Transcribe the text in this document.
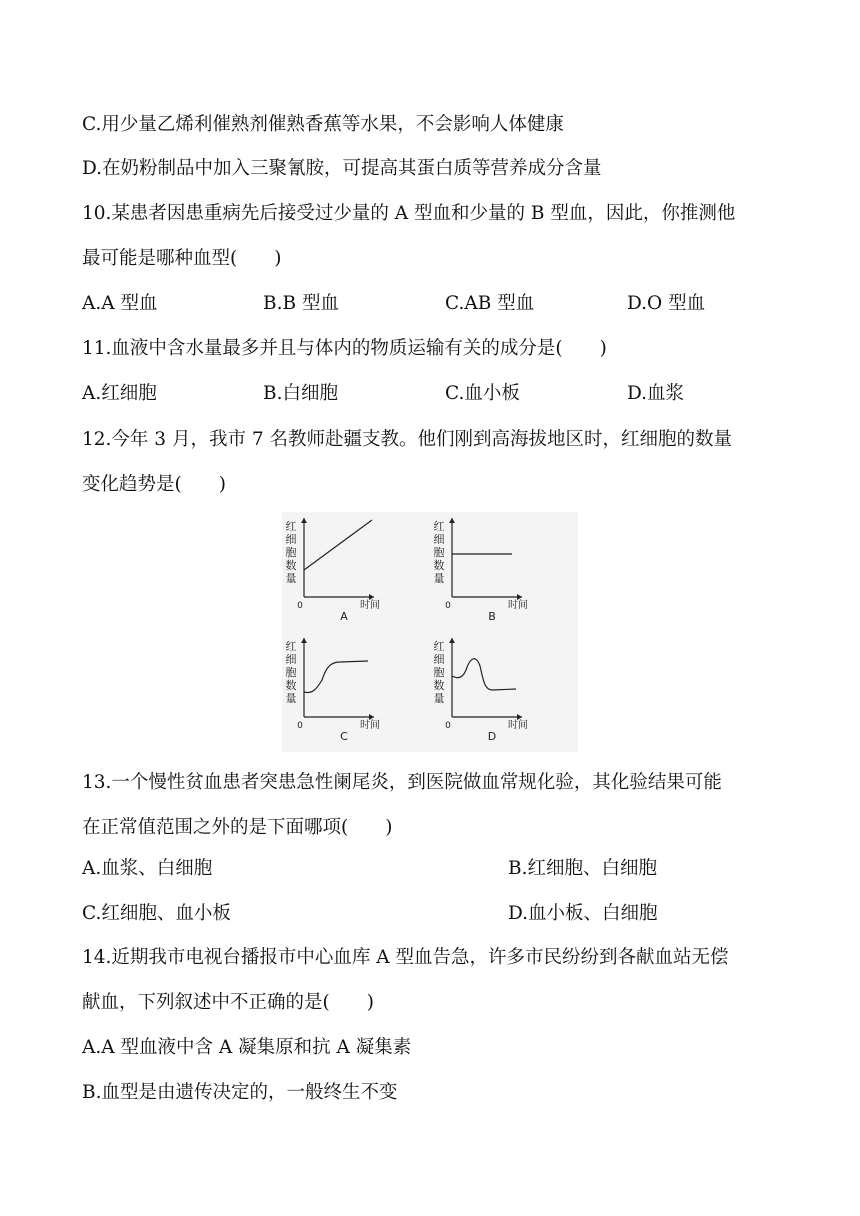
C.用少量乙烯利催熟剂催熟香蕉等水果，不会影响人体健康
D.在奶粉制品中加入三聚氰胺，可提高其蛋白质等营养成分含量
10.某患者因患重病先后接受过少量的 A 型血和少量的 B 型血，因此，你推测他
最可能是哪种血型(　　)
A.A 型血	B.B 型血	C.AB 型血	D.O 型血
11.血液中含水量最多并且与体内的物质运输有关的成分是(　　)
A.红细胞	B.白细胞	C.血小板	D.血浆
12.今年 3 月，我市 7 名教师赴疆支教。他们刚到高海拔地区时，红细胞的数量
变化趋势是(　　)
红
细
胞
数
量
0	时间
A
红
细
胞
数
量
0	时间
B
红
细
胞
数
量
0	时间
C
红
细
胞
数
量
0	时间
D
13.一个慢性贫血患者突患急性阑尾炎，到医院做血常规化验，其化验结果可能
在正常值范围之外的是下面哪项(　　)
A.血浆、白细胞	B.红细胞、白细胞
C.红细胞、血小板	D.血小板、白细胞
14.近期我市电视台播报市中心血库 A 型血告急，许多市民纷纷到各献血站无偿
献血，下列叙述中不正确的是(　　)
A.A 型血液中含 A 凝集原和抗 A 凝集素
B.血型是由遗传决定的，一般终生不变
